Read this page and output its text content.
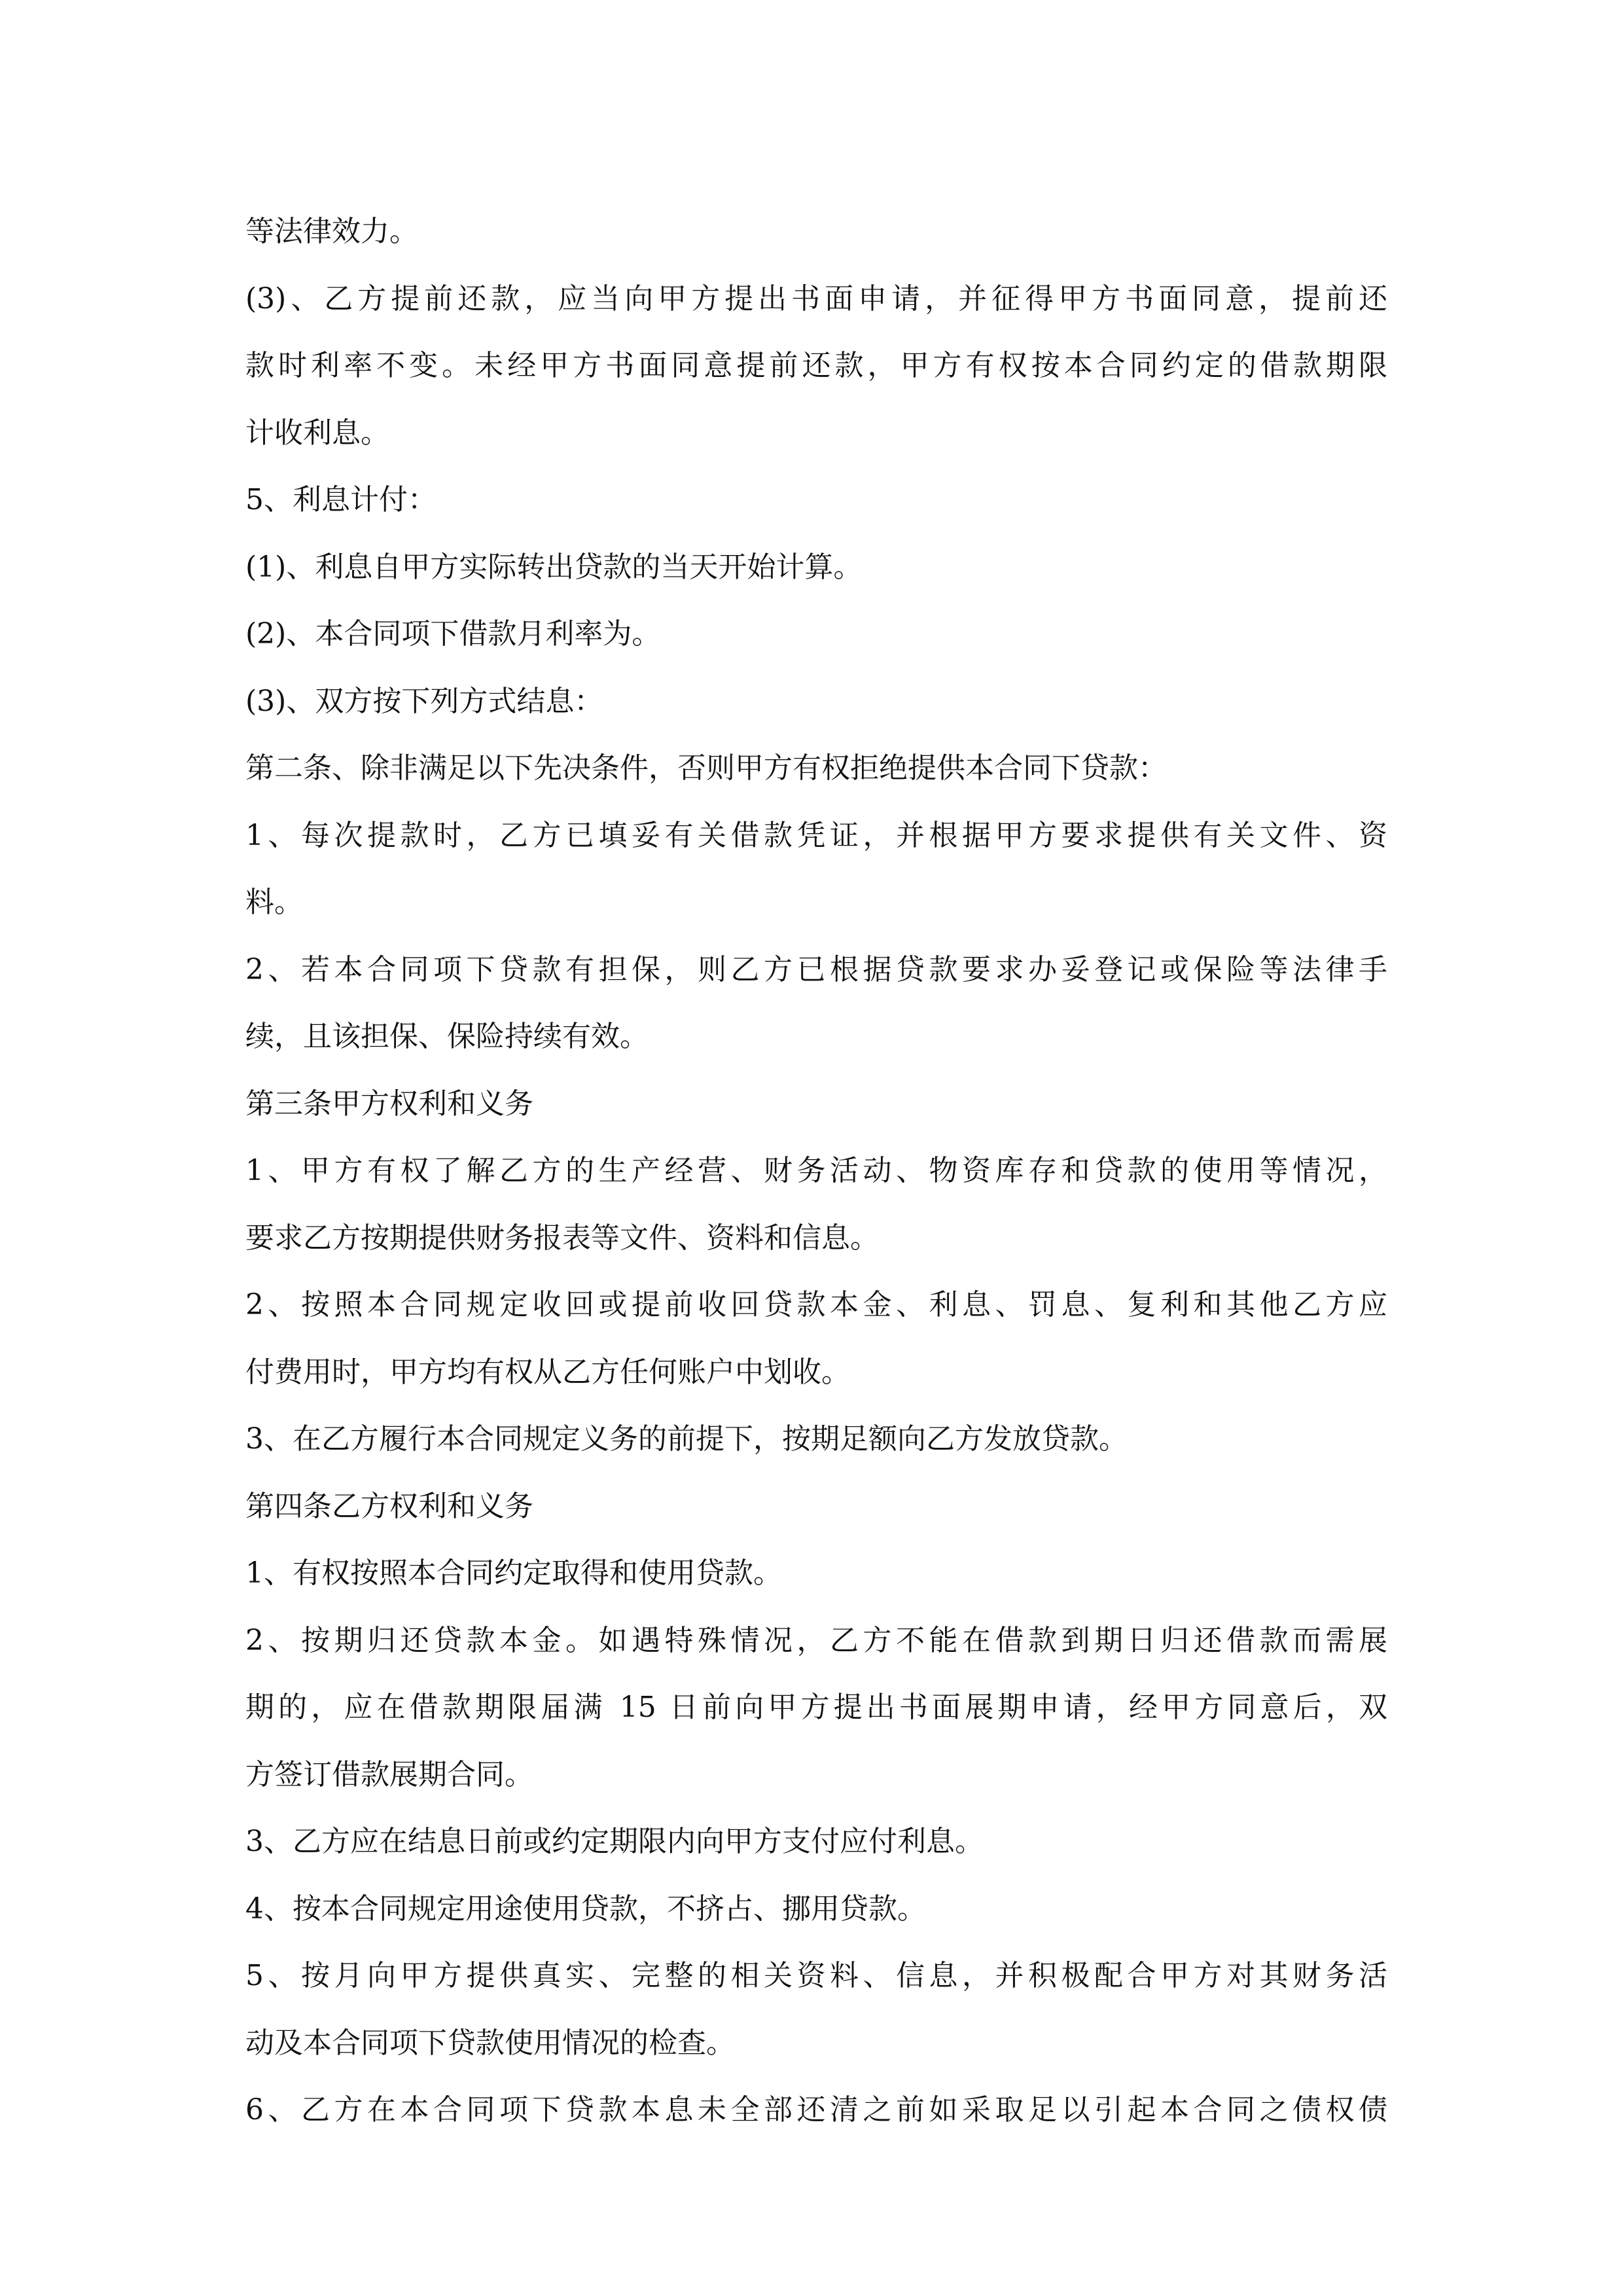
等法律效力。
(3)、乙方提前还款，应当向甲方提出书面申请，并征得甲方书面同意，提前还
款时利率不变。未经甲方书面同意提前还款，甲方有权按本合同约定的借款期限
计收利息。
5、利息计付：
(1)、利息自甲方实际转出贷款的当天开始计算。
(2)、本合同项下借款月利率为。
(3)、双方按下列方式结息：
第二条、除非满足以下先决条件，否则甲方有权拒绝提供本合同下贷款：
1、每次提款时，乙方已填妥有关借款凭证，并根据甲方要求提供有关文件、资
料。
2、若本合同项下贷款有担保，则乙方已根据贷款要求办妥登记或保险等法律手
续，且该担保、保险持续有效。
第三条甲方权利和义务
1、甲方有权了解乙方的生产经营、财务活动、物资库存和贷款的使用等情况，
要求乙方按期提供财务报表等文件、资料和信息。
2、按照本合同规定收回或提前收回贷款本金、利息、罚息、复利和其他乙方应
付费用时，甲方均有权从乙方任何账户中划收。
3、在乙方履行本合同规定义务的前提下，按期足额向乙方发放贷款。
第四条乙方权利和义务
1、有权按照本合同约定取得和使用贷款。
2、按期归还贷款本金。如遇特殊情况，乙方不能在借款到期日归还借款而需展
期的，应在借款期限届满 15 日前向甲方提出书面展期申请，经甲方同意后，双
方签订借款展期合同。
3、乙方应在结息日前或约定期限内向甲方支付应付利息。
4、按本合同规定用途使用贷款，不挤占、挪用贷款。
5、按月向甲方提供真实、完整的相关资料、信息，并积极配合甲方对其财务活
动及本合同项下贷款使用情况的检查。
6、乙方在本合同项下贷款本息未全部还清之前如采取足以引起本合同之债权债
